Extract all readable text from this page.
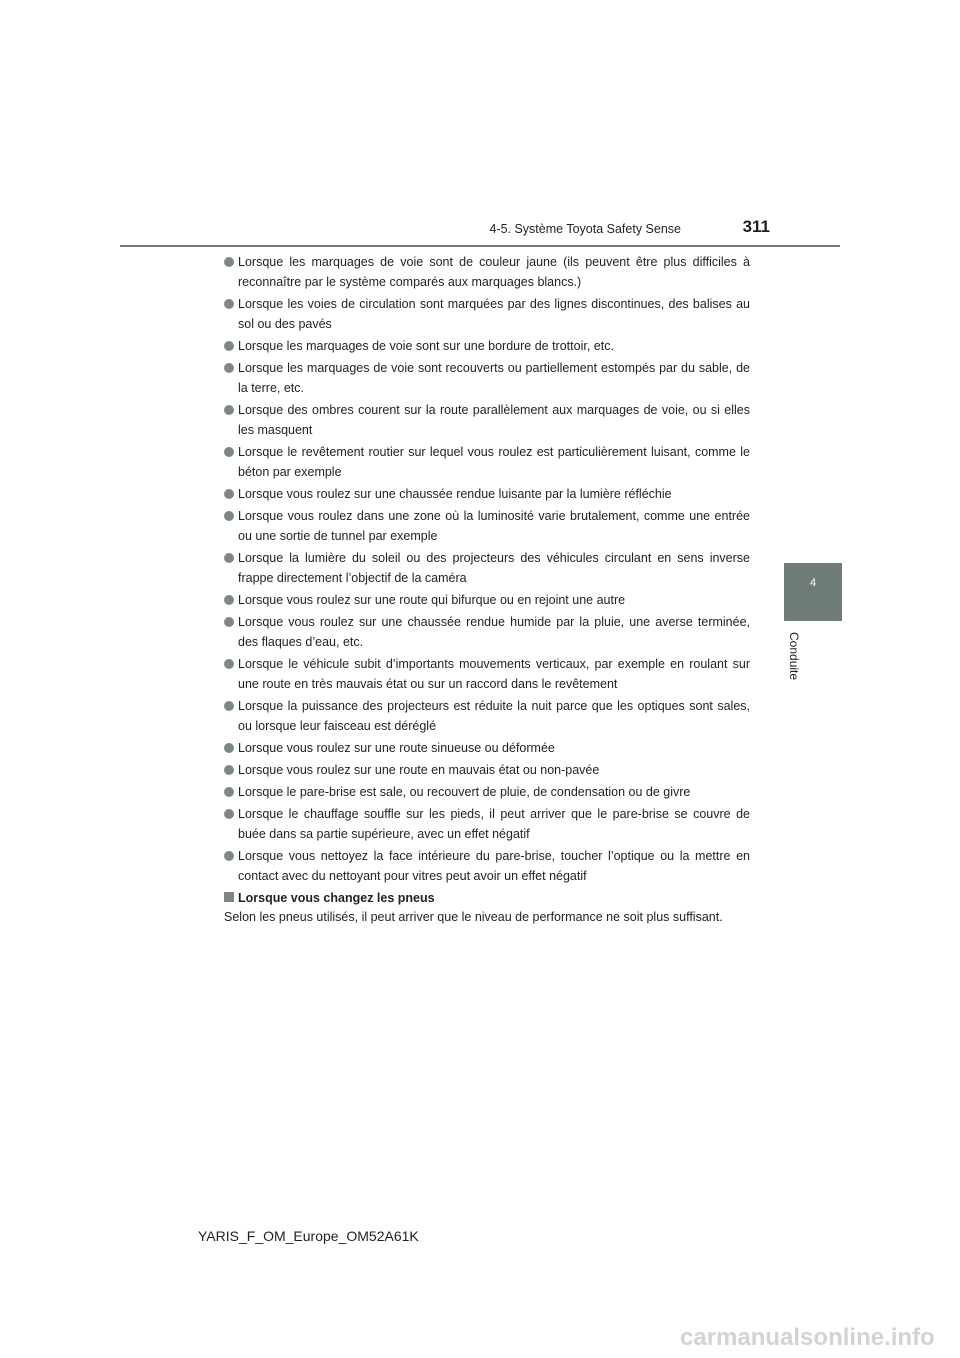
4-5. Système Toyota Safety Sense	311
4
Conduite
Lorsque les marquages de voie sont de couleur jaune (ils peuvent être plus difficiles à reconnaître par le système comparés aux marquages blancs.)
Lorsque les voies de circulation sont marquées par des lignes discontinues, des balises au sol ou des pavés
Lorsque les marquages de voie sont sur une bordure de trottoir, etc.
Lorsque les marquages de voie sont recouverts ou partiellement estompés par du sable, de la terre, etc.
Lorsque des ombres courent sur la route parallèlement aux marquages de voie, ou si elles les masquent
Lorsque le revêtement routier sur lequel vous roulez est particulièrement luisant, comme le béton par exemple
Lorsque vous roulez sur une chaussée rendue luisante par la lumière réfléchie
Lorsque vous roulez dans une zone où la luminosité varie brutalement, comme une entrée ou une sortie de tunnel par exemple
Lorsque la lumière du soleil ou des projecteurs des véhicules circulant en sens inverse frappe directement l’objectif de la caméra
Lorsque vous roulez sur une route qui bifurque ou en rejoint une autre
Lorsque vous roulez sur une chaussée rendue humide par la pluie, une averse terminée, des flaques d’eau, etc.
Lorsque le véhicule subit d’importants mouvements verticaux, par exemple en roulant sur une route en très mauvais état ou sur un raccord dans le revêtement
Lorsque la puissance des projecteurs est réduite la nuit parce que les optiques sont sales, ou lorsque leur faisceau est déréglé
Lorsque vous roulez sur une route sinueuse ou déformée
Lorsque vous roulez sur une route en mauvais état ou non-pavée
Lorsque le pare-brise est sale, ou recouvert de pluie, de condensation ou de givre
Lorsque le chauffage souffle sur les pieds, il peut arriver que le pare-brise se couvre de buée dans sa partie supérieure, avec un effet négatif
Lorsque vous nettoyez la face intérieure du pare-brise, toucher l’optique ou la mettre en contact avec du nettoyant pour vitres peut avoir un effet négatif
Lorsque vous changez les pneus
Selon les pneus utilisés, il peut arriver que le niveau de performance ne soit plus suffisant.
YARIS_F_OM_Europe_OM52A61K
carmanualsonline.info
